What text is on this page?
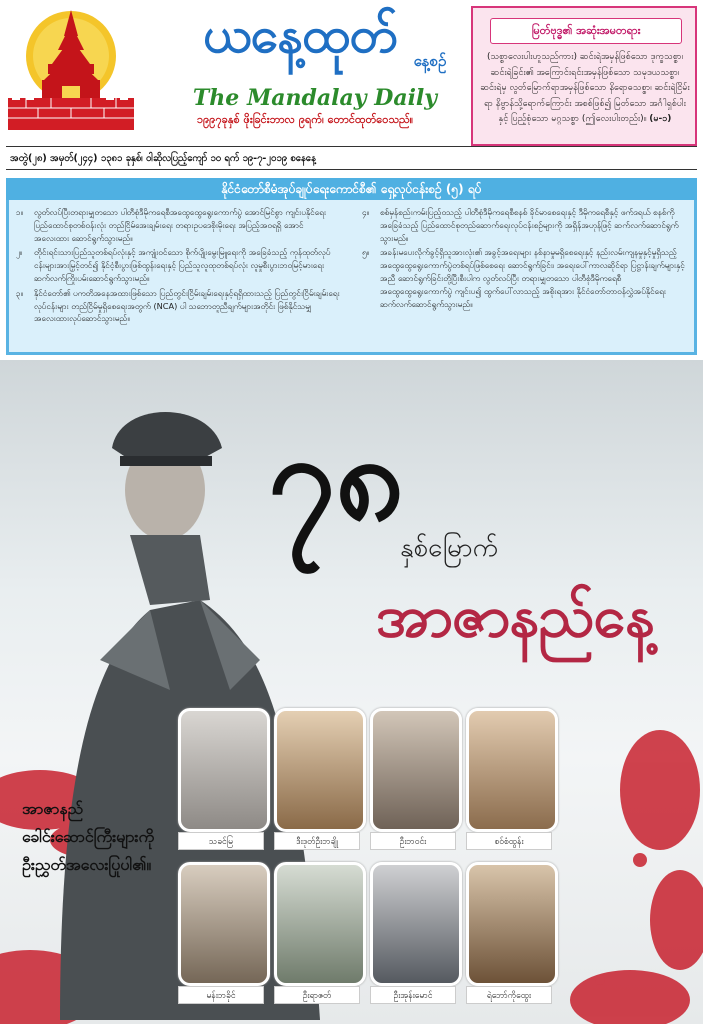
ယနေ့ထုတ်	နေ့စဉ်
The Mandalay Daily
၁၉၉၇ခုနှစ် ဖိုးခြင်းဘာလ ၉ရက်၊ တောင်ထုတ်ဝေသည်။
မြတ်ဗုဒ္ဓ၏ အဆုံးအမတရား
(သစ္စာလေးပါးဟူသည်ကား) ဆင်းရဲအမှန်ဖြစ်သော ဒုက္ခသစ္စာ၊ ဆင်းရဲခြင်း၏ အကြောင်းရင်းအမှန်ဖြစ်သော သမုဒယသစ္စာ၊ ဆင်းရဲမှ လွတ်မြောက်ရာအမှန်ဖြစ်သော နိရောဓသစ္စာ၊ ဆင်းရဲငြိမ်းရာ နိဗ္ဗာန်သို့ရောက်ကြောင်း အစစ်ဖြစ်၍ မြတ်သော အင်္ဂါရှစ်ပါးနှင့် ပြည့်စုံသော မဂ္ဂသစ္စာ (ဤလေးပါးတည်း)။ (မ-၁)
အတွဲ(၂၈) အမှတ်(၂၄၄) ၁၃၈၁ ခုနှစ်၊ ဝါဆိုလပြည့်ကျော် ၁၀ ရက် ၁၉-၇-၂၀၁၉ စနေနေ့
နိုင်ငံတော်စီမံအုပ်ချုပ်ရေးကောင်စီ၏ ရှေ့လုပ်ငန်းစဉ် (၅) ရပ်
၁။ လွတ်လပ်ပြီးတရားမျှတသော ပါတီစုံဒီမိုကရေစီအထွေထွေရွေးကောက်ပွဲ အောင်မြင်စွာ ကျင်းပနိုင်ရေး ပြည်ထောင်စုတစ်ဝန်းလုံး တည်ငြိမ်အေးချမ်းရေး တရားဥပဒေစိုးမိုးရေး အပြည့်အဝရရှိ အောင် အလေးထား ဆောင်ရွက်သွားမည်။
၂။ တိုင်းရင်းသားပြည်သူတစ်ရပ်လုံးနှင့် အကျုံးဝင်သော စိုက်ပျိုးမွေးမြူရေးကို အခြေခံသည့် ကုန်ထုတ်လုပ်ငန်းများအားမြှင့်တင်၍ နိုင်ငံ့စီးပွားဖြစ်ထွန်းရေးနှင့် ပြည်သူလူထုတစ်ရပ်လုံး လူမှုစီးပွားဘဝမြင့်မားရေး ဆက်လက်ကြိုးပမ်းဆောင်ရွက်သွားမည်။
၃။ နိုင်ငံတော်၏ ပကတိအနေအထားဖြစ်သော ပြည်တွင်းငြိမ်းချမ်းရေးနှင့်ရရှိထားသည့် ပြည်တွင်းငြိမ်းချမ်းရေးလုပ်ငန်းများ တည်ငြိမ်မှုရှိစေရေးအတွက် (NCA) ပါ သဘောတူညီချက်များအတိုင်း ဖြစ်နိုင်သမျှ အလေးထားလုပ်ဆောင်သွားမည်။
၄။ စစ်မှန်စည်းကမ်းပြည့်ဝသည့် ပါတီစုံဒီမိုကရေစီစနစ် ခိုင်မာစေရေးနှင့် ဒီမိုကရေစီနှင့် ဖက်ဒရယ် စနစ်ကိုအခြေခံသည့် ပြည်ထောင်စုတည်ဆောက်ရေးလုပ်ငန်းစဉ်များကို အရှိန်အဟုန်ဖြင့် ဆက်လက်ဆောင်ရွက်သွားမည်။
၅။ အခန်းမပေးလိုက်ခွင့်ရှိသူအားလုံး၏ အခွင့်အရေးများ နစ်နာမှုမရှိစေရေးနှင့် နည်းလမ်းကျနမှုနှင့်မှုရှိသည့် အထွေထွေရွေးကောက်ပွဲတစ်ရပ်ဖြစ်စေရေး ဆောင်ရွက်ခြင်း၊ အရေးပေါ်ကာလဆိုင်ရာ ပြဋ္ဌာန်းချက်များနှင့်အညီ ဆောင်ရွက်ခြင်းတို့ပြီးစီးပါက လွတ်လပ်ပြီး တရားမျှတသော ပါတီစုံဒီမိုကရေစီအထွေထွေရွေးကောက်ပွဲ ကျင်းပ၍ ထွက်ပေါ်လာသည့် အစိုးရအား နိုင်ငံတော်တာဝန်လွှဲအပ်နိုင်ရေး ဆက်လက်ဆောင်ရွက်သွားမည်။
၇၈
နှစ်မြောက်
အာဇာနည်နေ့
အာဇာနည်
ခေါင်းဆောင်ကြီးများကို
ဦးညွှတ်အလေးပြုပါ၏။
သခင်မြ	ဒီးဒုတ်ဦးဘချို	ဦးဘဝင်း	စဝ်စံထွန်း
မန်းဘခိုင်	ဦးရာဇတ်	ဦးအုန်းမောင်	ရဲဘော်ကိုထွေး
